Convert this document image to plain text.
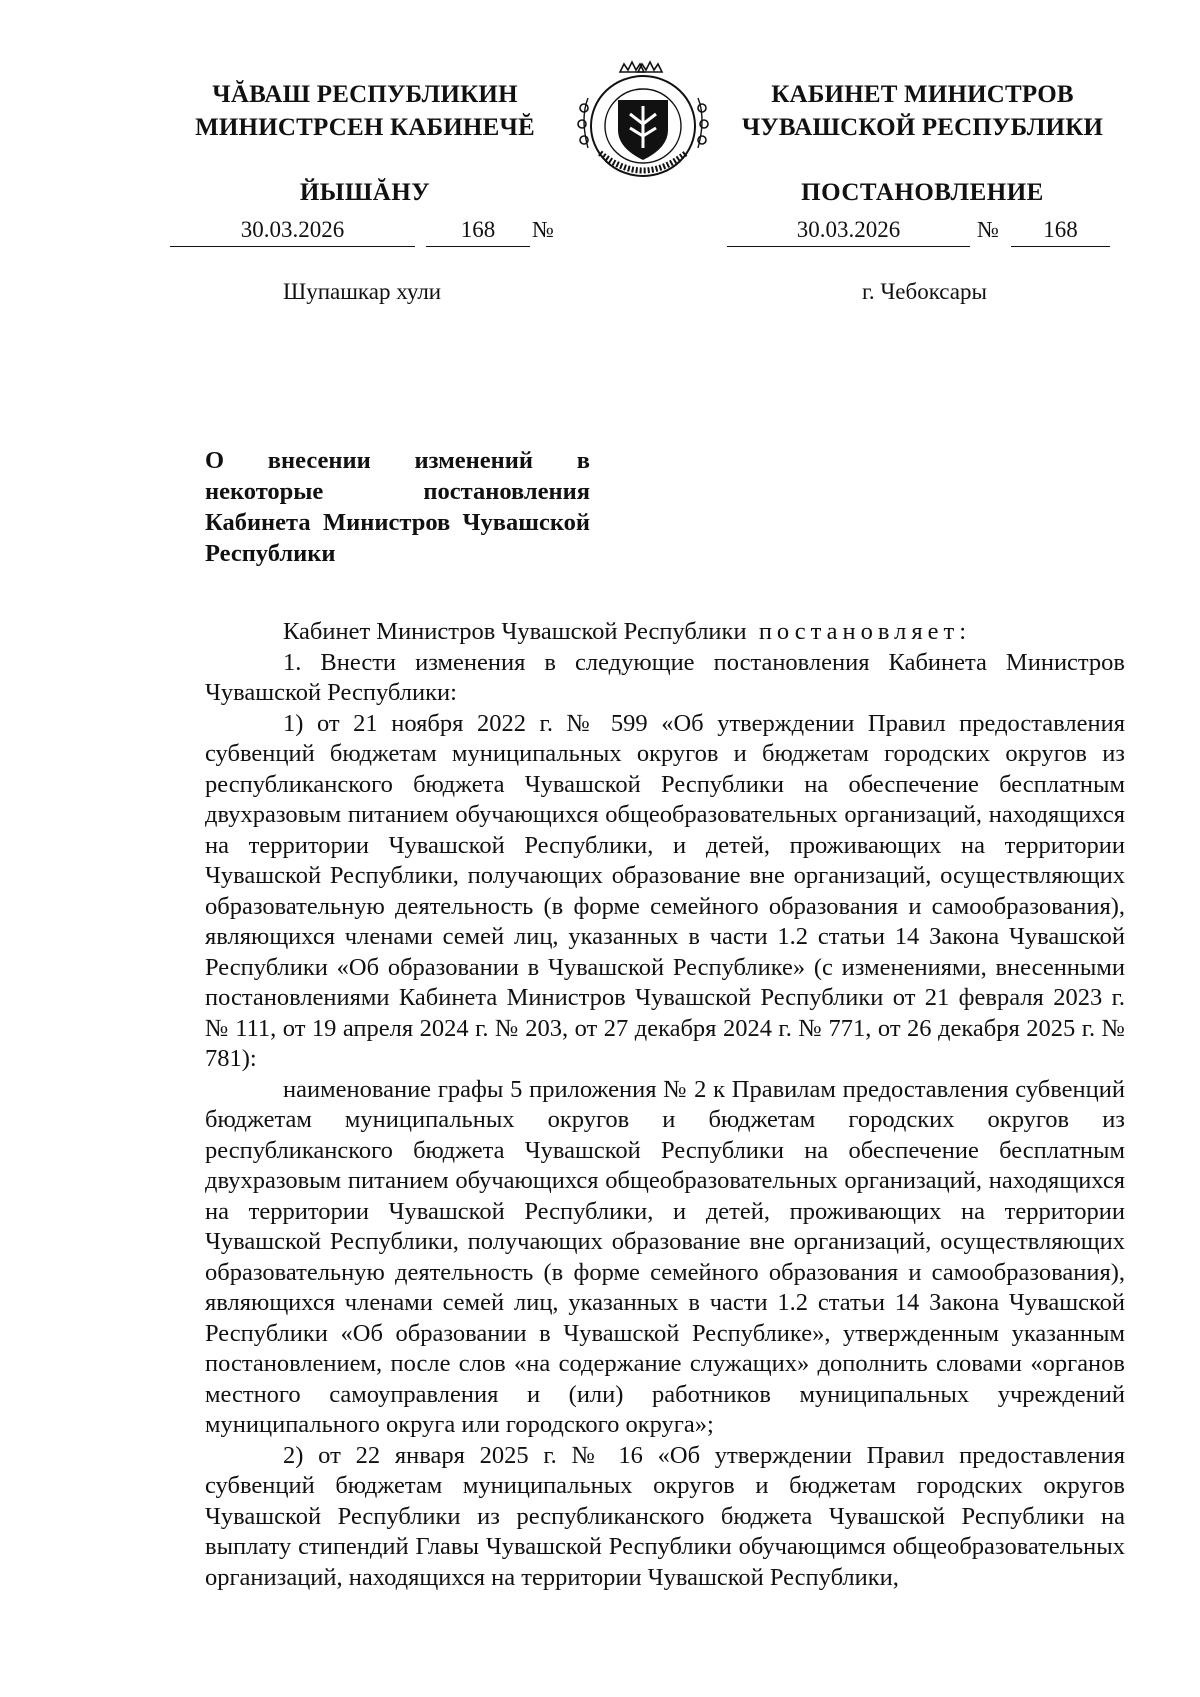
ЧĂВАШ РЕСПУБЛИКИН
МИНИСТРСЕН КАБИНЕЧĔ
ЙЫШĂНУ
КАБИНЕТ МИНИСТРОВ
ЧУВАШСКОЙ РЕСПУБЛИКИ
ПОСТАНОВЛЕНИЕ
30.03.2026	168	№	30.03.2026	№	168
Шупашкар хули	г. Чебоксары
О внесении изменений в некоторые постановления Кабинета Министров Чувашской Республики

Кабинет Министров Чувашской Республики постановляет:

1. Внести изменения в следующие постановления Кабинета Министров Чувашской Республики:

1) от 21 ноября 2022 г. № 599 «Об утверждении Правил предоставления субвенций бюджетам муниципальных округов и бюджетам городских округов из республиканского бюджета Чувашской Республики на обеспечение бесплатным двухразовым питанием обучающихся общеобразовательных организаций, находящихся на территории Чувашской Республики, и детей, проживающих на территории Чувашской Республики, получающих образование вне организаций, осуществляющих образовательную деятельность (в форме семейного образования и самообразования), являющихся членами семей лиц, указанных в части 1.2 статьи 14 Закона Чувашской Республики «Об образовании в Чувашской Республике» (с изменениями, внесенными постановлениями Кабинета Министров Чувашской Республики от 21 февраля 2023 г. № 111, от 19 апреля 2024 г. № 203, от 27 декабря 2024 г. № 771, от 26 декабря 2025 г. № 781):

наименование графы 5 приложения № 2 к Правилам предоставления субвенций бюджетам муниципальных округов и бюджетам городских округов из республиканского бюджета Чувашской Республики на обеспечение бесплатным двухразовым питанием обучающихся общеобразовательных организаций, находящихся на территории Чувашской Республики, и детей, проживающих на территории Чувашской Республики, получающих образование вне организаций, осуществляющих образовательную деятельность (в форме семейного образования и самообразования), являющихся членами семей лиц, указанных в части 1.2 статьи 14 Закона Чувашской Республики «Об образовании в Чувашской Республике», утвержденным указанным постановлением, после слов «на содержание служащих» дополнить словами «органов местного самоуправления и (или) работников муниципальных учреждений муниципального округа или городского округа»;

2) от 22 января 2025 г. № 16 «Об утверждении Правил предоставления субвенций бюджетам муниципальных округов и бюджетам городских округов Чувашской Республики из республиканского бюджета Чувашской Республики на выплату стипендий Главы Чувашской Республики обучающимся общеобразовательных организаций, находящихся на территории Чувашской Республики,
